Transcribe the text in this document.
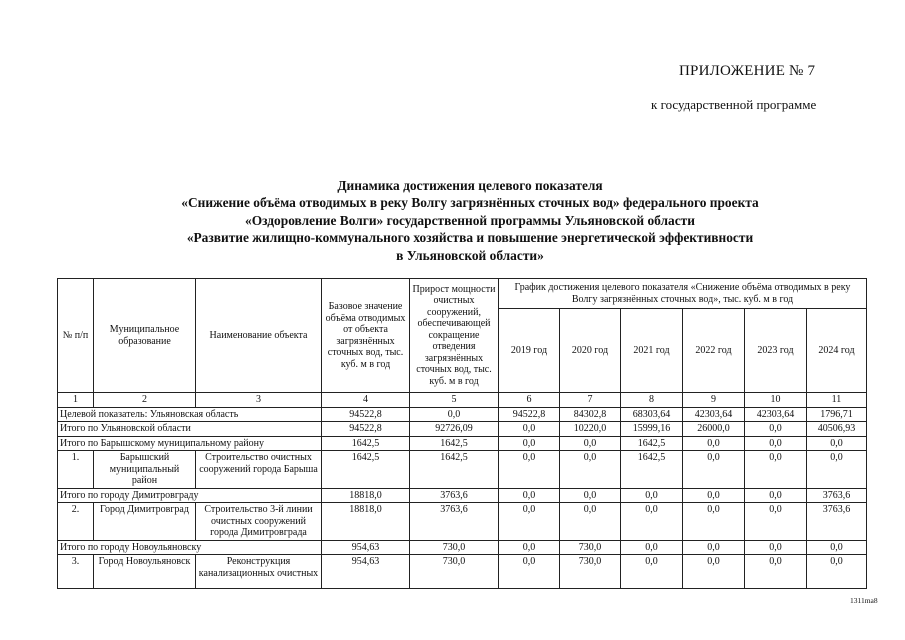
ПРИЛОЖЕНИЕ № 7
к государственной программе
Динамика достижения целевого показателя
«Снижение объёма отводимых в реку Волгу загрязнённых сточных вод» федерального проекта
«Оздоровление Волги» государственной программы Ульяновской области
«Развитие жилищно-коммунального хозяйства и повышение энергетической эффективности
в Ульяновской области»
№ п/п	Муниципальное образование	Наименование объекта	Базовое значение объёма отводимых от объекта загрязнённых сточных вод, тыс. куб. м в год	Прирост мощности очистных сооружений, обеспечивающей сокращение отведения загрязнённых сточных вод, тыс. куб. м в год	График достижения целевого показателя «Снижение объёма отводимых в реку Волгу загрязнённых сточных вод», тыс. куб. м в год					
					2019 год	2020 год	2021 год	2022 год	2023 год	2024 год
1	2	3	4	5	6	7	8	9	10	11
Целевой показатель: Ульяновская область			94522,8	0,0	94522,8	84302,8	68303,64	42303,64	42303,64	1796,71
Итого по Ульяновской области			94522,8	92726,09	0,0	10220,0	15999,16	26000,0	0,0	40506,93
Итого по Барышскому муниципальному району			1642,5	1642,5	0,0	0,0	1642,5	0,0	0,0	0,0
1.	Барышский муниципальный район	Строительство очистных сооружений города Барыша	1642,5	1642,5	0,0	0,0	1642,5	0,0	0,0	0,0
Итого по городу Димитровграду			18818,0	3763,6	0,0	0,0	0,0	0,0	0,0	3763,6
2.	Город Димитровград	Строительство 3-й линии очистных сооружений города Димитровграда	18818,0	3763,6	0,0	0,0	0,0	0,0	0,0	3763,6
Итого по городу Новоульяновску			954,63	730,0	0,0	730,0	0,0	0,0	0,0	0,0
3.	Город Новоульяновск	Реконструкция канализационных очистных	954,63	730,0	0,0	730,0	0,0	0,0	0,0	0,0
1311ma8
